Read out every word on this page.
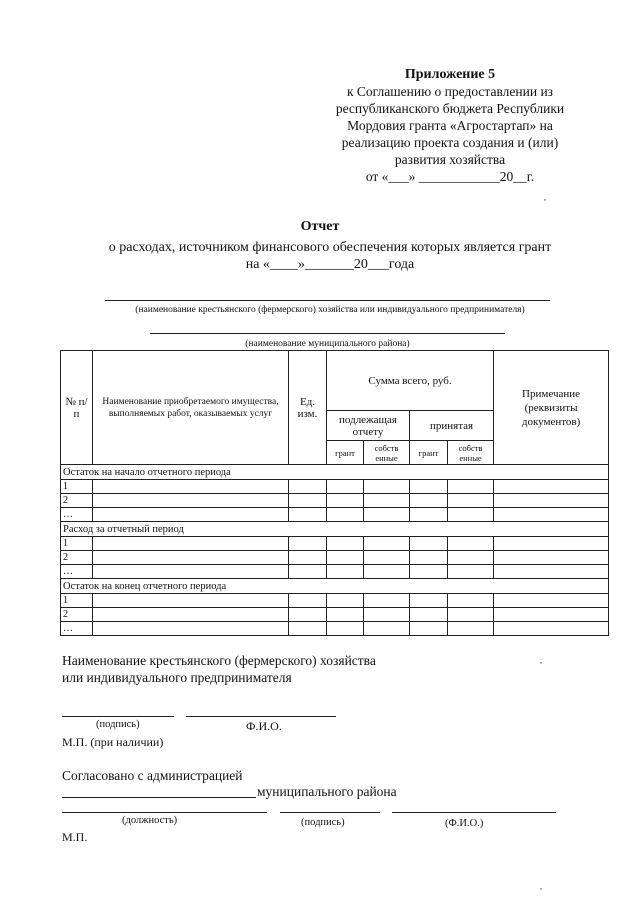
Приложение 5
к Соглашению о предоставлении из
республиканского бюджета Республики
Мордовия гранта «Агростартап» на
реализацию проекта создания и (или)
развития хозяйства
от «___» ____________20__г.
,
Отчет
о расходах, источником финансового обеспечения которых является грант
на «____»_______20___года
(наименование крестьянского (фермерского) хозяйства или индивидуального предпринимателя)
(наименование муниципального района)
№ п/п	Наименование приобретаемого имущества, выполняемых работ, оказываемых услуг	Ед. изм.	Сумма всего, руб.				Примечание (реквизиты документов)
			подлежащая отчету		принятая		
			грант	собств енные	грант	собств енные	
Остаток на начало отчетного периода							
1							
2							
…							
Расход за отчетный период							
1							
2							
…							
Остаток на конец отчетного периода							
1							
2							
…							
Наименование крестьянского (фермерского) хозяйства
или индивидуального предпринимателя
,
(подпись)	Ф.И.О.
М.П. (при наличии)
Согласовано с администрацией
муниципального района
(должность)	(подпись)	(Ф.И.О.)
М.П.
,
